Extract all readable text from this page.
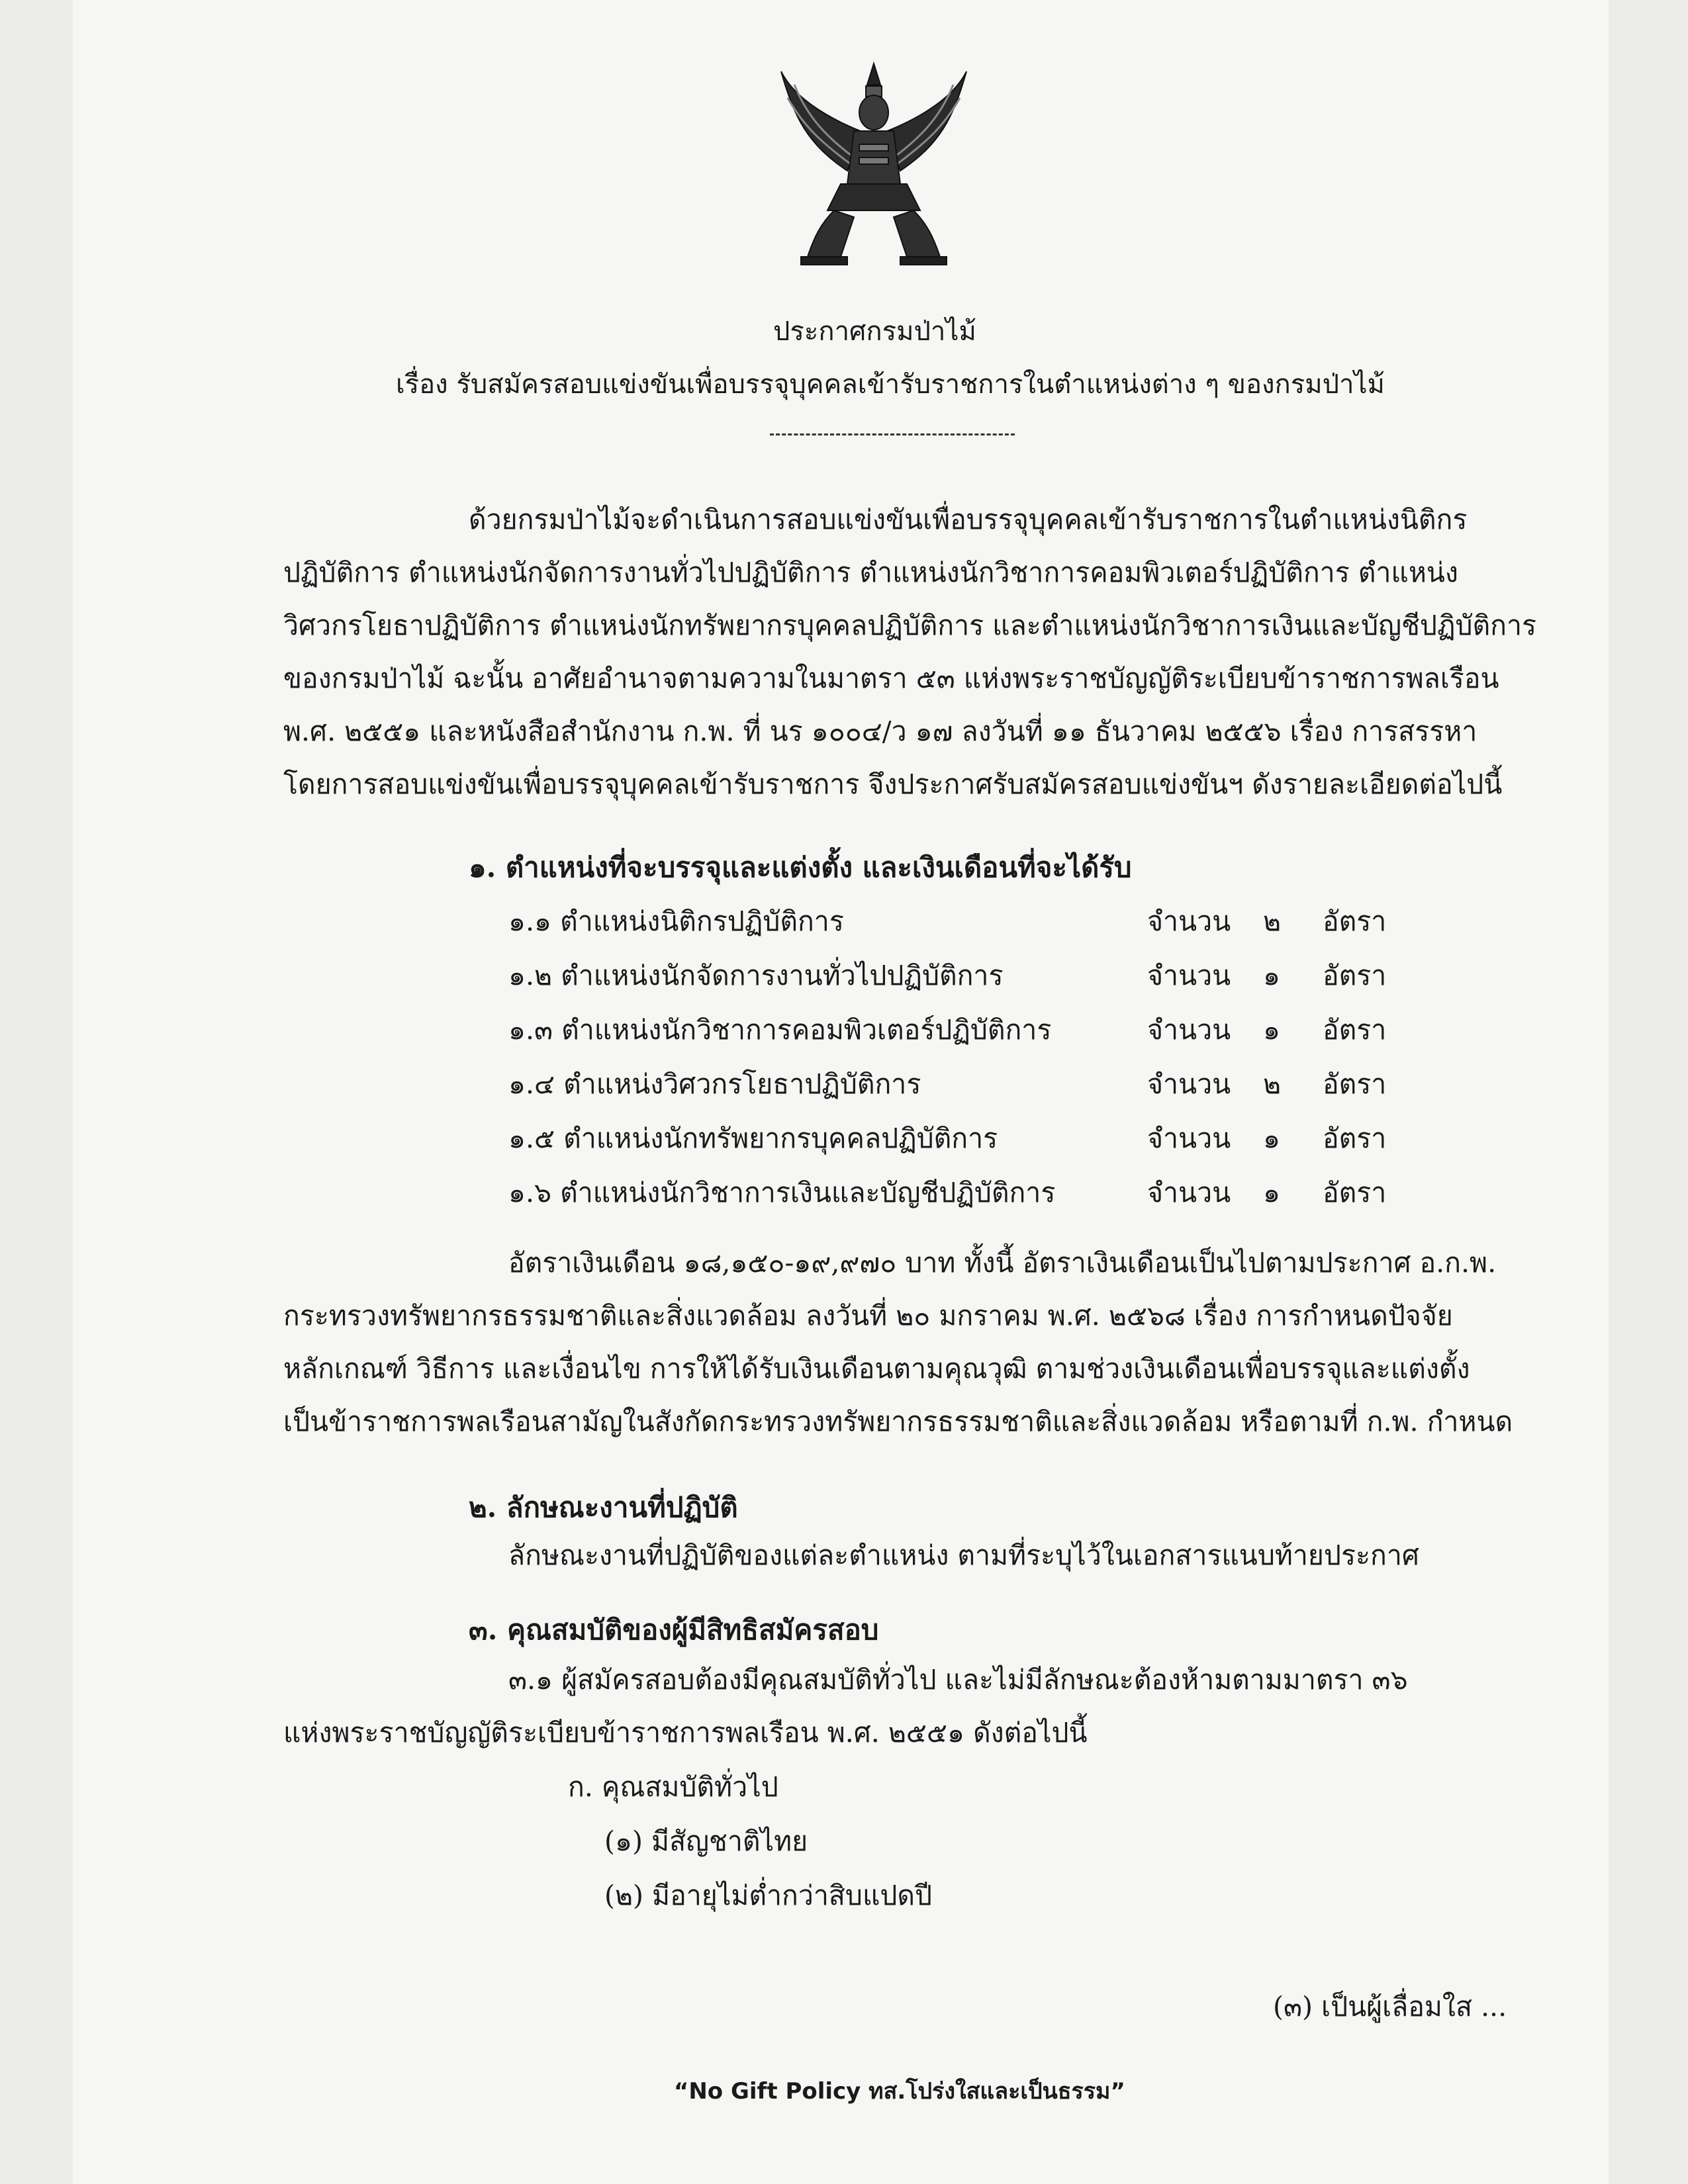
ประกาศกรมป่าไม้
เรื่อง รับสมัครสอบแข่งขันเพื่อบรรจุบุคคลเข้ารับราชการในตำแหน่งต่าง ๆ ของกรมป่าไม้
ด้วยกรมป่าไม้จะดำเนินการสอบแข่งขันเพื่อบรรจุบุคคลเข้ารับราชการในตำแหน่งนิติกร
ปฏิบัติการ ตำแหน่งนักจัดการงานทั่วไปปฏิบัติการ ตำแหน่งนักวิชาการคอมพิวเตอร์ปฏิบัติการ ตำแหน่ง
วิศวกรโยธาปฏิบัติการ ตำแหน่งนักทรัพยากรบุคคลปฏิบัติการ และตำแหน่งนักวิชาการเงินและบัญชีปฏิบัติการ
ของกรมป่าไม้ ฉะนั้น อาศัยอำนาจตามความในมาตรา ๕๓ แห่งพระราชบัญญัติระเบียบข้าราชการพลเรือน
พ.ศ. ๒๕๕๑ และหนังสือสำนักงาน ก.พ. ที่ นร ๑๐๐๔/ว ๑๗ ลงวันที่ ๑๑ ธันวาคม ๒๕๕๖ เรื่อง การสรรหา
โดยการสอบแข่งขันเพื่อบรรจุบุคคลเข้ารับราชการ จึงประกาศรับสมัครสอบแข่งขันฯ ดังรายละเอียดต่อไปนี้
๑. ตำแหน่งที่จะบรรจุและแต่งตั้ง และเงินเดือนที่จะได้รับ
๑.๑ ตำแหน่งนิติกรปฏิบัติการ	จำนวน ๒ อัตรา
๑.๒ ตำแหน่งนักจัดการงานทั่วไปปฏิบัติการ	จำนวน ๑ อัตรา
๑.๓ ตำแหน่งนักวิชาการคอมพิวเตอร์ปฏิบัติการ	จำนวน ๑ อัตรา
๑.๔ ตำแหน่งวิศวกรโยธาปฏิบัติการ	จำนวน ๒ อัตรา
๑.๕ ตำแหน่งนักทรัพยากรบุคคลปฏิบัติการ	จำนวน ๑ อัตรา
๑.๖ ตำแหน่งนักวิชาการเงินและบัญชีปฏิบัติการ	จำนวน ๑ อัตรา
อัตราเงินเดือน ๑๘,๑๕๐-๑๙,๙๗๐ บาท ทั้งนี้ อัตราเงินเดือนเป็นไปตามประกาศ อ.ก.พ.
กระทรวงทรัพยากรธรรมชาติและสิ่งแวดล้อม ลงวันที่ ๒๐ มกราคม พ.ศ. ๒๕๖๘ เรื่อง การกำหนดปัจจัย
หลักเกณฑ์ วิธีการ และเงื่อนไข การให้ได้รับเงินเดือนตามคุณวุฒิ ตามช่วงเงินเดือนเพื่อบรรจุและแต่งตั้ง
เป็นข้าราชการพลเรือนสามัญในสังกัดกระทรวงทรัพยากรธรรมชาติและสิ่งแวดล้อม หรือตามที่ ก.พ. กำหนด
๒. ลักษณะงานที่ปฏิบัติ
ลักษณะงานที่ปฏิบัติของแต่ละตำแหน่ง ตามที่ระบุไว้ในเอกสารแนบท้ายประกาศ
๓. คุณสมบัติของผู้มีสิทธิสมัครสอบ
๓.๑ ผู้สมัครสอบต้องมีคุณสมบัติทั่วไป และไม่มีลักษณะต้องห้ามตามมาตรา ๓๖
แห่งพระราชบัญญัติระเบียบข้าราชการพลเรือน พ.ศ. ๒๕๕๑ ดังต่อไปนี้
ก. คุณสมบัติทั่วไป
(๑) มีสัญชาติไทย
(๒) มีอายุไม่ต่ำกว่าสิบแปดปี
(๓) เป็นผู้เลื่อมใส ...
“No Gift Policy ทส.โปร่งใสและเป็นธรรม”
